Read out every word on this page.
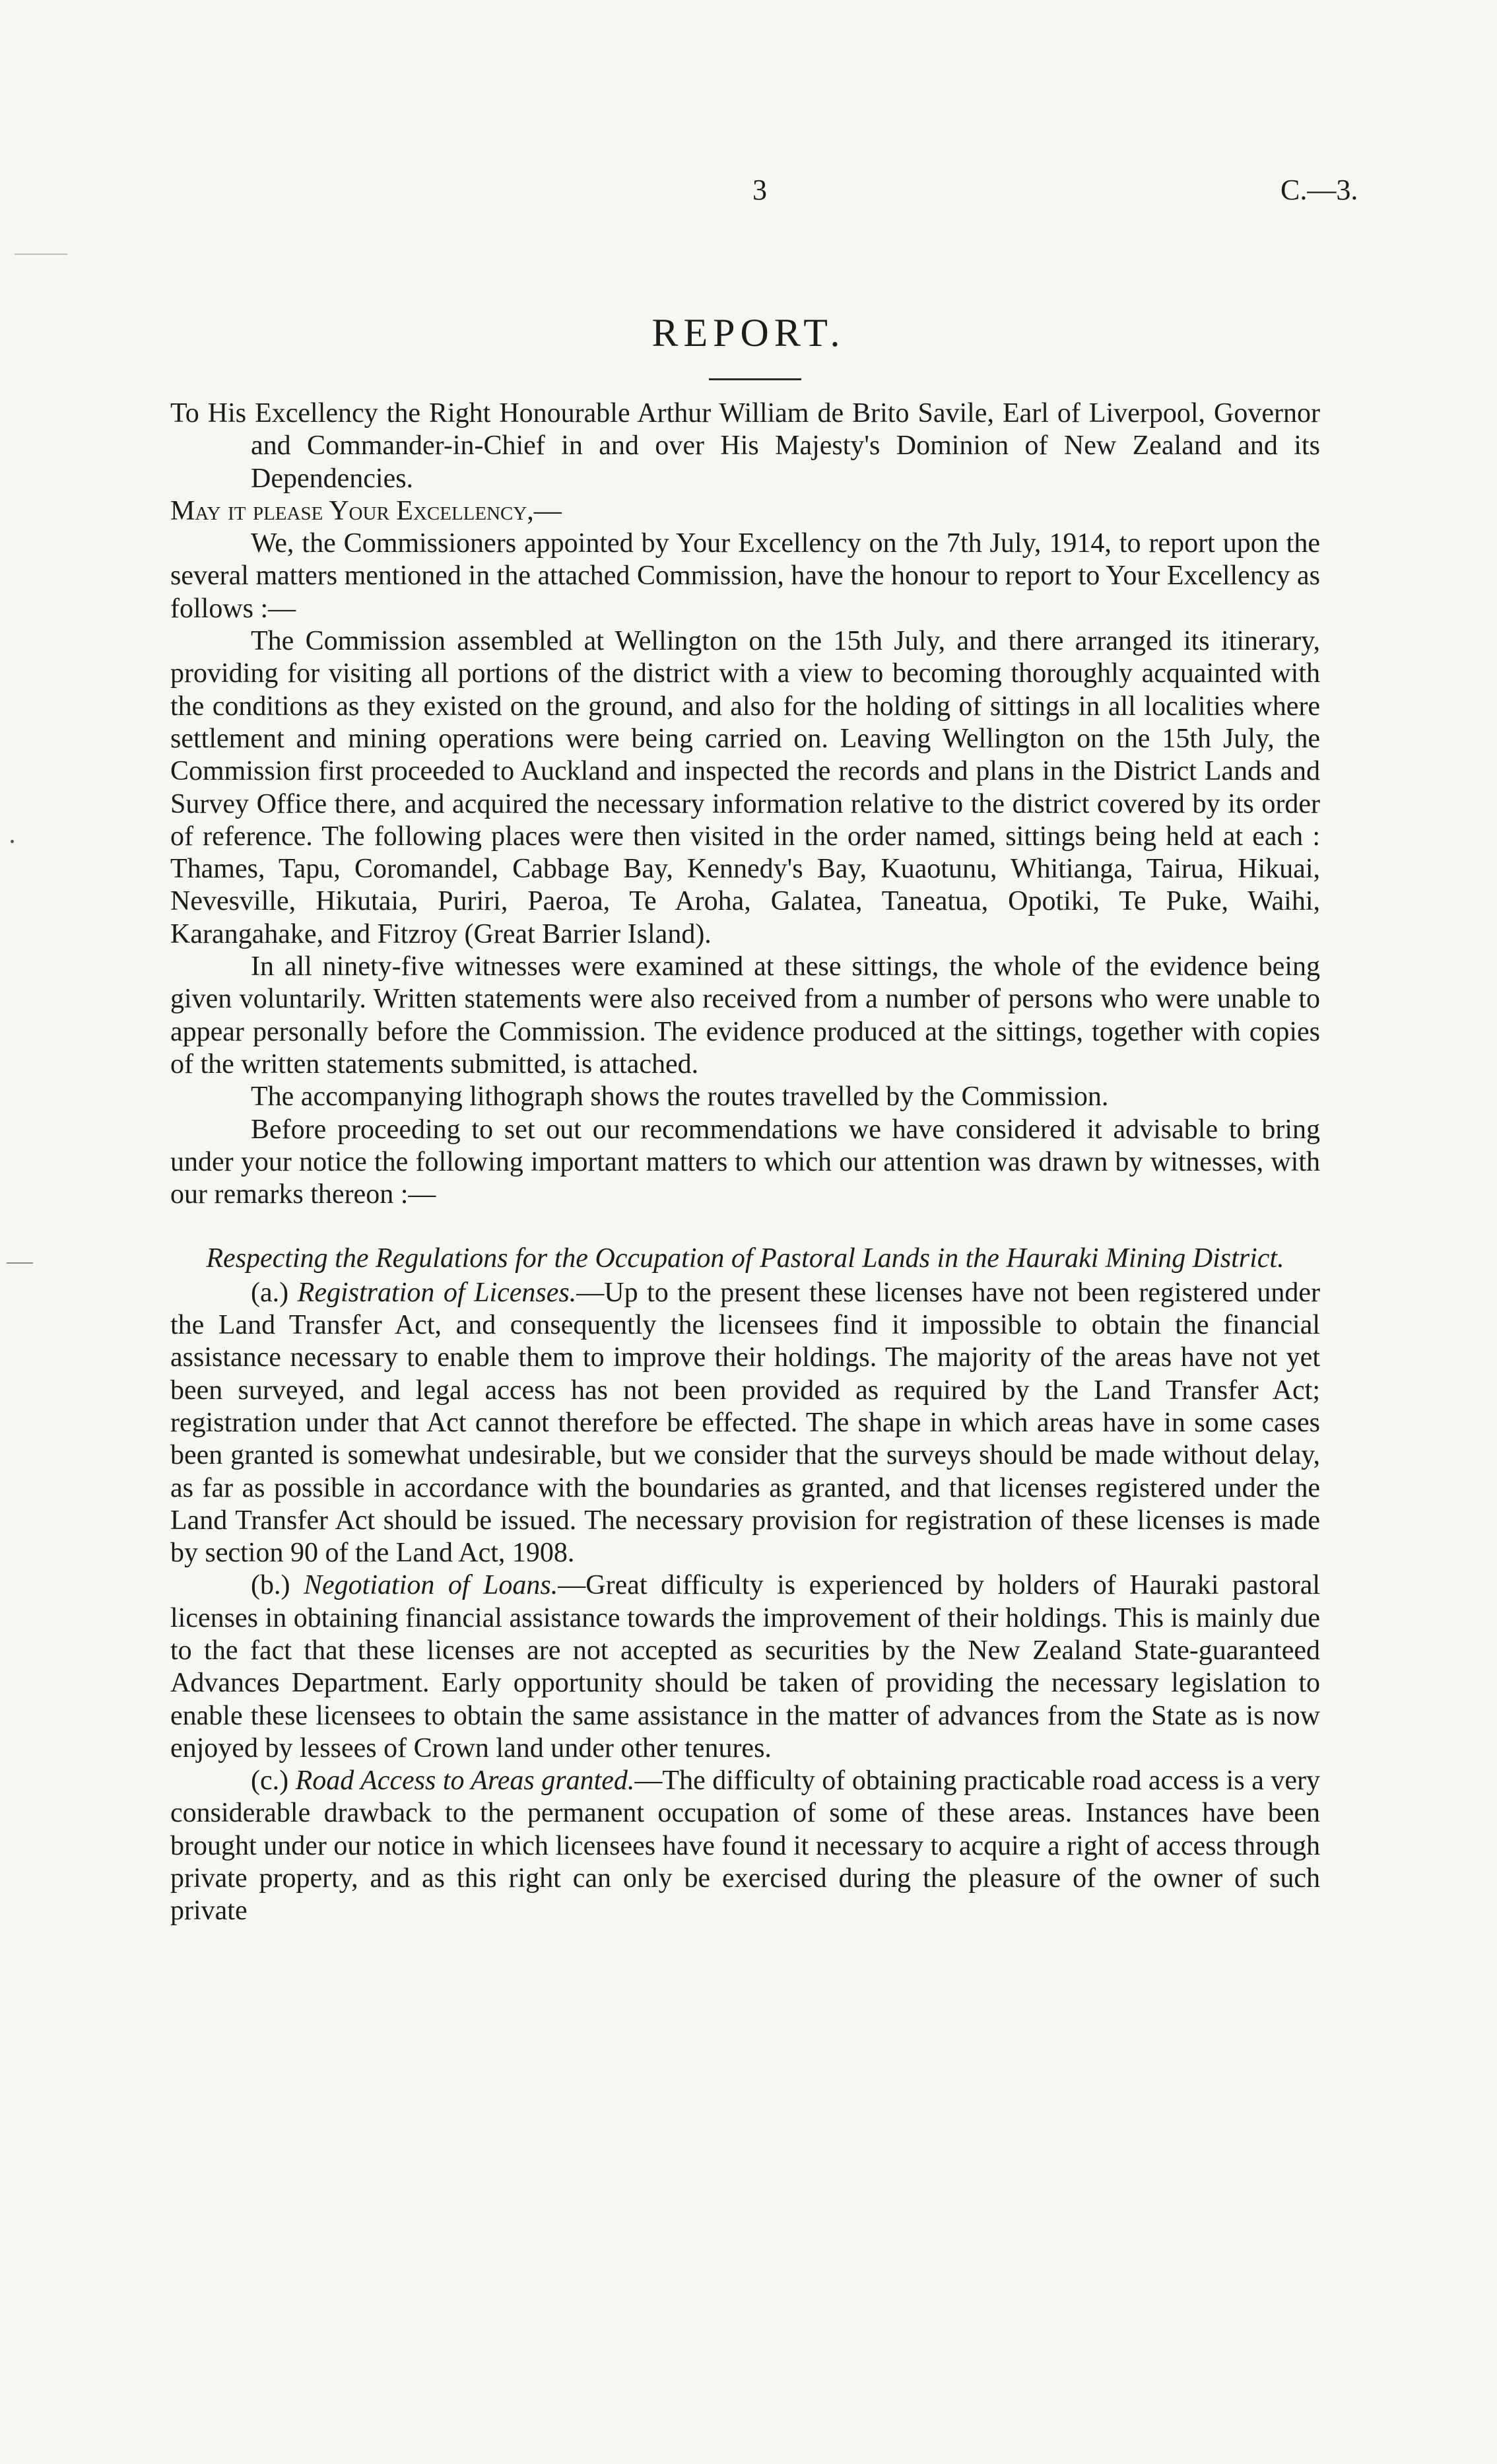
3	C.—3.
REPORT.

To His Excellency the Right Honourable Arthur William de Brito Savile, Earl of Liverpool, Governor and Commander-in-Chief in and over His Majesty's Dominion of New Zealand and its Dependencies.

May it please Your Excellency,—

We, the Commissioners appointed by Your Excellency on the 7th July, 1914, to report upon the several matters mentioned in the attached Commission, have the honour to report to Your Excellency as follows :—

The Commission assembled at Wellington on the 15th July, and there arranged its itinerary, providing for visiting all portions of the district with a view to becoming thoroughly acquainted with the conditions as they existed on the ground, and also for the holding of sittings in all localities where settlement and mining operations were being carried on. Leaving Wellington on the 15th July, the Commission first proceeded to Auckland and inspected the records and plans in the District Lands and Survey Office there, and acquired the necessary information relative to the district covered by its order of reference. The following places were then visited in the order named, sittings being held at each : Thames, Tapu, Coromandel, Cabbage Bay, Kennedy's Bay, Kuaotunu, Whitianga, Tairua, Hikuai, Nevesville, Hikutaia, Puriri, Paeroa, Te Aroha, Galatea, Taneatua, Opotiki, Te Puke, Waihi, Karangahake, and Fitzroy (Great Barrier Island).

In all ninety-five witnesses were examined at these sittings, the whole of the evidence being given voluntarily. Written statements were also received from a number of persons who were unable to appear personally before the Commission. The evidence produced at the sittings, together with copies of the written statements submitted, is attached.

The accompanying lithograph shows the routes travelled by the Commission.

Before proceeding to set out our recommendations we have considered it advisable to bring under your notice the following important matters to which our attention was drawn by witnesses, with our remarks thereon :—

Respecting the Regulations for the Occupation of Pastoral Lands in the Hauraki Mining District.

(a.) Registration of Licenses.—Up to the present these licenses have not been registered under the Land Transfer Act, and consequently the licensees find it impossible to obtain the financial assistance necessary to enable them to improve their holdings. The majority of the areas have not yet been surveyed, and legal access has not been provided as required by the Land Transfer Act; registration under that Act cannot therefore be effected. The shape in which areas have in some cases been granted is somewhat undesirable, but we consider that the surveys should be made without delay, as far as possible in accordance with the boundaries as granted, and that licenses registered under the Land Transfer Act should be issued. The necessary provision for registration of these licenses is made by section 90 of the Land Act, 1908.

(b.) Negotiation of Loans.—Great difficulty is experienced by holders of Hauraki pastoral licenses in obtaining financial assistance towards the improvement of their holdings. This is mainly due to the fact that these licenses are not accepted as securities by the New Zealand State-guaranteed Advances Department. Early opportunity should be taken of providing the necessary legislation to enable these licensees to obtain the same assistance in the matter of advances from the State as is now enjoyed by lessees of Crown land under other tenures.

(c.) Road Access to Areas granted.—The difficulty of obtaining practicable road access is a very considerable drawback to the permanent occupation of some of these areas. Instances have been brought under our notice in which licensees have found it necessary to acquire a right of access through private property, and as this right can only be exercised during the pleasure of the owner of such private
